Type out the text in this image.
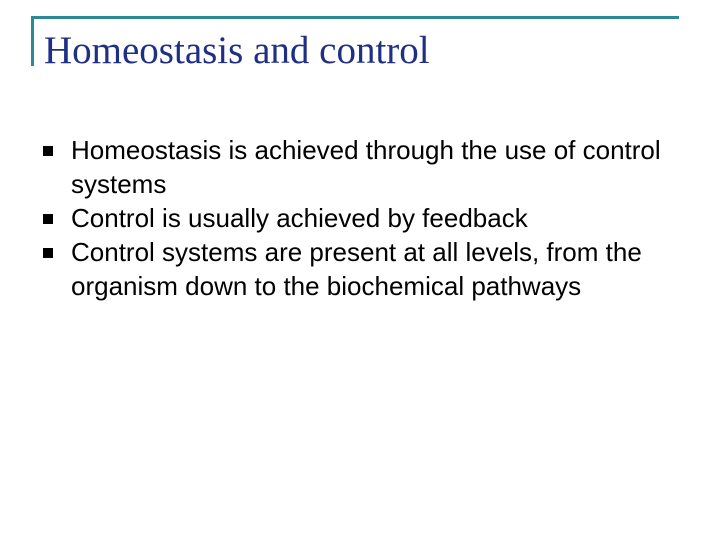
Homeostasis and control
Homeostasis is achieved through the use of control systems
Control is usually achieved by feedback
Control systems are present at all levels, from the organism down to the biochemical pathways
